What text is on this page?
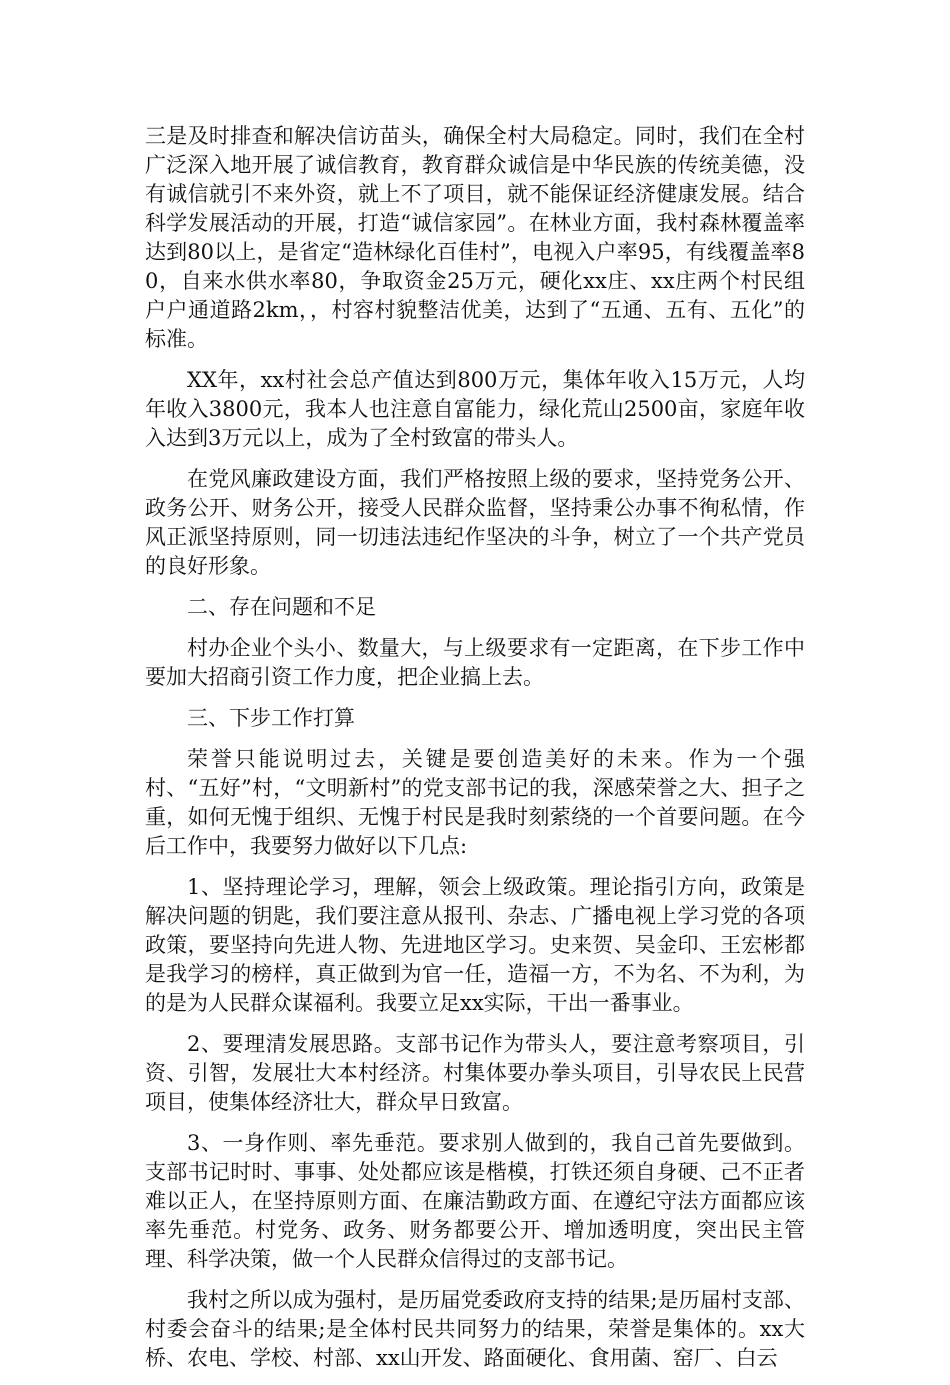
三是及时排查和解决信访苗头，确保全村大局稳定。同时，我们在全村广泛深入地开展了诚信教育，教育群众诚信是中华民族的传统美德，没有诚信就引不来外资，就上不了项目，就不能保证经济健康发展。结合科学发展活动的开展，打造“诚信家园”。在林业方面，我村森林覆盖率达到80以上，是省定“造林绿化百佳村”，电视入户率95，有线覆盖率80，自来水供水率80，争取资金25万元，硬化xx庄、xx庄两个村民组户户通道路2km，，村容村貌整洁优美，达到了“五通、五有、五化”的标准。

XX年，xx村社会总产值达到800万元，集体年收入15万元，人均年收入3800元，我本人也注意自富能力，绿化荒山2500亩，家庭年收入达到3万元以上，成为了全村致富的带头人。

在党风廉政建设方面，我们严格按照上级的要求，坚持党务公开、政务公开、财务公开，接受人民群众监督，坚持秉公办事不徇私情，作风正派坚持原则，同一切违法违纪作坚决的斗争，树立了一个共产党员的良好形象。

二、存在问题和不足

村办企业个头小、数量大，与上级要求有一定距离，在下步工作中要加大招商引资工作力度，把企业搞上去。

三、下步工作打算

荣誉只能说明过去，关键是要创造美好的未来。作为一个强村、“五好”村，“文明新村”的党支部书记的我，深感荣誉之大、担子之重，如何无愧于组织、无愧于村民是我时刻萦绕的一个首要问题。在今后工作中，我要努力做好以下几点:

1、坚持理论学习，理解，领会上级政策。理论指引方向，政策是解决问题的钥匙，我们要注意从报刊、杂志、广播电视上学习党的各项政策，要坚持向先进人物、先进地区学习。史来贺、吴金印、王宏彬都是我学习的榜样，真正做到为官一任，造福一方，不为名、不为利，为的是为人民群众谋福利。我要立足xx实际，干出一番事业。

2、要理清发展思路。支部书记作为带头人，要注意考察项目，引资、引智，发展壮大本村经济。村集体要办拳头项目，引导农民上民营项目，使集体经济壮大，群众早日致富。

3、一身作则、率先垂范。要求别人做到的，我自己首先要做到。支部书记时时、事事、处处都应该是楷模，打铁还须自身硬、己不正者难以正人，在坚持原则方面、在廉洁勤政方面、在遵纪守法方面都应该率先垂范。村党务、政务、财务都要公开、增加透明度，突出民主管理、科学决策，做一个人民群众信得过的支部书记。

我村之所以成为强村，是历届党委政府支持的结果;是历届村支部、村委会奋斗的结果;是全体村民共同努力的结果，荣誉是集体的。xx大桥、农电、学校、村部、xx山开发、路面硬化、食用菌、窑厂、白云
